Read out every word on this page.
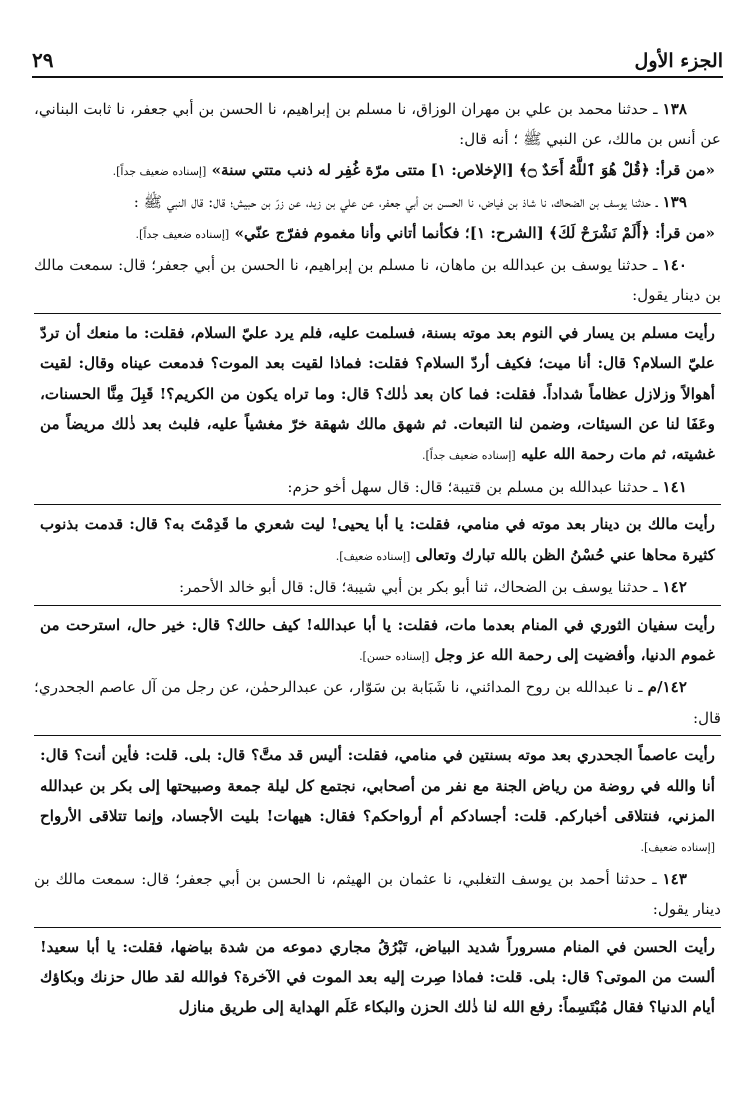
الجزء الأول
٢٩

١٣٨ ـ حدثنا محمد بن علي بن مهران الوزاق، نا مسلم بن إبراهيم، نا الحسن بن أبي جعفر، نا ثابت البناني، عن أنس بن مالك، عن النبي ﷺ ؛ أنه قال:

«من قرأ: ﴿قُلْ هُوَ ٱللَّهُ أَحَدٌ ۝﴾ [الإخلاص: ١] متتى مرّة غُفِر له ذنب متتي سنة» [إسناده ضعيف جداً].

١٣٩ ـ حدثنا يوسف بن الضحاك، نا شاذ بن فياض، نا الحسن بن أبي جعفر، عن علي بن زيد، عن زرّ بن حبيش؛ قال: قال النبي ﷺ :

«من قرأ: ﴿أَلَمْ نَشْرَحْ لَكَ﴾ [الشرح: ١]؛ فكأنما أتاني وأنا مغموم ففرّج عنّي» [إسناده ضعيف جداً].

١٤٠ ـ حدثنا يوسف بن عبدالله بن ماهان، نا مسلم بن إبراهيم، نا الحسن بن أبي جعفر؛ قال: سمعت مالك بن دينار يقول:

رأيت مسلم بن يسار في النوم بعد موته بسنة، فسلمت عليه، فلم يرد عليّ السلام، فقلت: ما منعك أن تردّ عليّ السلام؟ قال: أنا ميت؛ فكيف أردّ السلام؟ فقلت: فماذا لقيت بعد الموت؟ فدمعت عيناه وقال: لقيت أهوالاً وزلازل عظاماً شداداً. فقلت: فما كان بعد ذٰلك؟ قال: وما تراه يكون من الكريم؟! قَبِلَ مِنَّا الحسنات، وعَفَا لنا عن السيئات، وضمن لنا التبعات. ثم شهق مالك شهقة خرّ مغشياً عليه، فلبث بعد ذٰلك مريضاً من غشيته، ثم مات رحمة الله عليه [إسناده ضعيف جداً].

١٤١ ـ حدثنا عبدالله بن مسلم بن قتيبة؛ قال: قال سهل أخو حزم:

رأيت مالك بن دينار بعد موته في منامي، فقلت: يا أبا يحيى! ليت شعري ما قَدِمْتَ به؟ قال: قدمت بذنوب كثيرة محاها عني حُسْنُ الظن بالله تبارك وتعالى [إسناده ضعيف].

١٤٢ ـ حدثنا يوسف بن الضحاك، ثنا أبو بكر بن أبي شيبة؛ قال: قال أبو خالد الأحمر:

رأيت سفيان الثوري في المنام بعدما مات، فقلت: يا أبا عبدالله! كيف حالك؟ قال: خير حال، استرحت من غموم الدنيا، وأفضيت إلى رحمة الله عز وجل [إسناده حسن].

١٤٢/م ـ نا عبدالله بن روح المدائني، نا شَبَابة بن سَوّار، عن عبدالرحمٰن، عن رجل من آل عاصم الجحدري؛ قال:

رأيت عاصماً الجحدري بعد موته بسنتين في منامي، فقلت: أليس قد متَّ؟ قال: بلى. قلت: فأين أنت؟ قال: أنا والله في روضة من رياض الجنة مع نفر من أصحابي، نجتمع كل ليلة جمعة وصبيحتها إلى بكر بن عبدالله المزني، فنتلاقى أخباركم. قلت: أجسادكم أم أرواحكم؟ فقال: هيهات! بليت الأجساد، وإنما تتلاقى الأرواح [إسناده ضعيف].

١٤٣ ـ حدثنا أحمد بن يوسف التغلبي، نا عثمان بن الهيثم، نا الحسن بن أبي جعفر؛ قال: سمعت مالك بن دينار يقول:

رأيت الحسن في المنام مسروراً شديد البياض، تَبْرُقُ مجاري دموعه من شدة بياضها، فقلت: يا أبا سعيد! ألست من الموتى؟ قال: بلى. قلت: فماذا صِرت إليه بعد الموت في الآخرة؟ فوالله لقد طال حزنك وبكاؤك أيام الدنيا؟ فقال مُبْتَسِماً: رفع الله لنا ذٰلك الحزن والبكاء عَلَم الهداية إلى طريق منازل
